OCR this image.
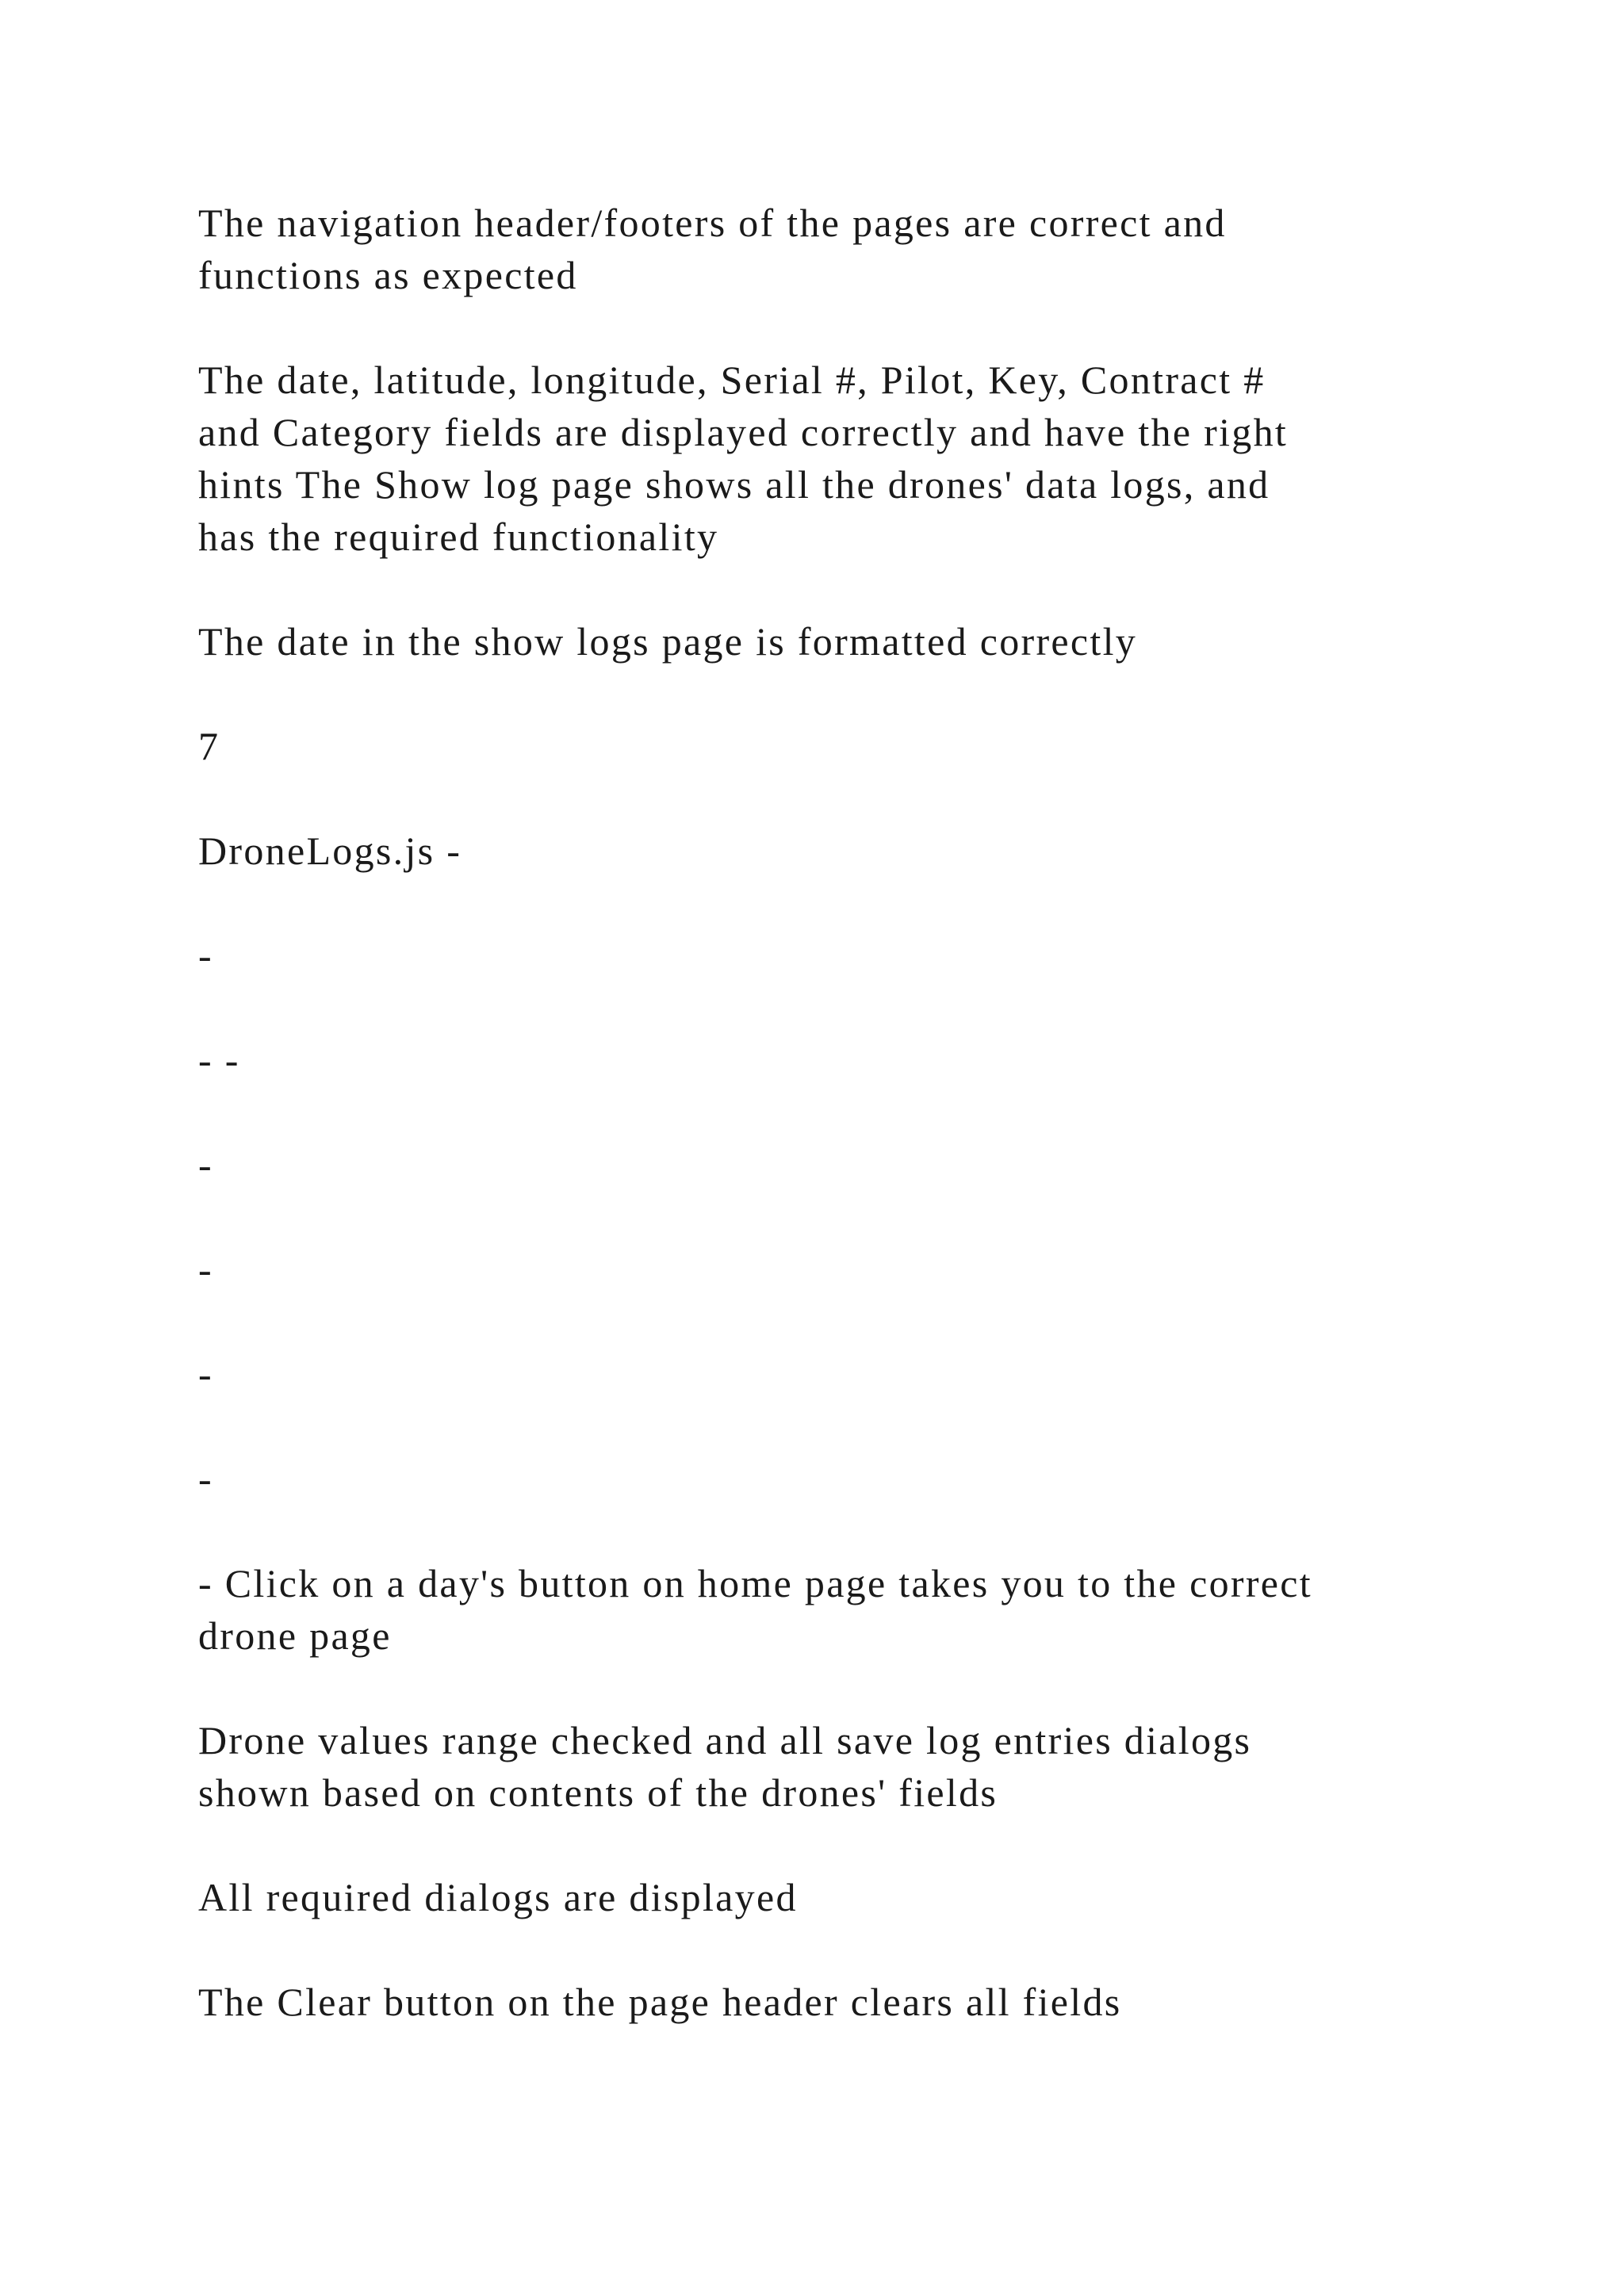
The navigation header/footers of the pages are correct and

functions as expected

The date, latitude, longitude, Serial #, Pilot, Key, Contract #

and Category fields are displayed correctly and have the right

hints The Show log page shows all the drones' data logs, and

has the required functionality

The date in the show logs page is formatted correctly

7

DroneLogs.js -

-

- -

-

-

-

-

- Click on a day's button on home page takes you to the correct

drone page

Drone values range checked and all save log entries dialogs

shown based on contents of the drones' fields

All required dialogs are displayed

The Clear button on the page header clears all fields
